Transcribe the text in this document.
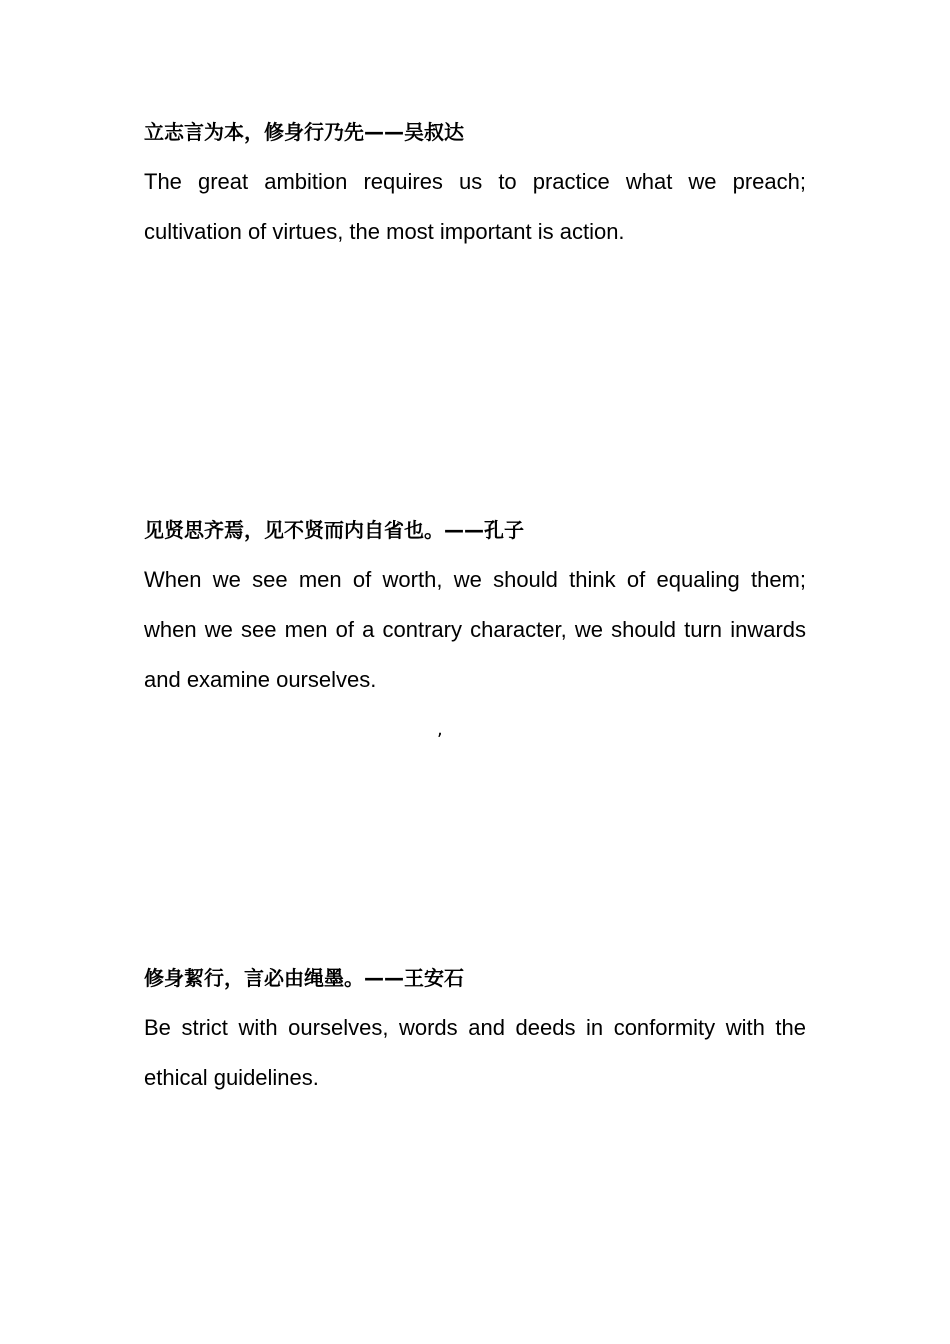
立志言为本，修身行乃先——吴叔达

The great ambition requires us to practice what we preach; cultivation of virtues, the most important is action.

见贤思齐焉，见不贤而内自省也。——孔子

When we see men of worth, we should think of equaling them; when we see men of a contrary character, we should turn inwards and examine ourselves.

,

修身絜行，言必由绳墨。——王安石

Be strict with ourselves, words and deeds in conformity with the ethical guidelines.
